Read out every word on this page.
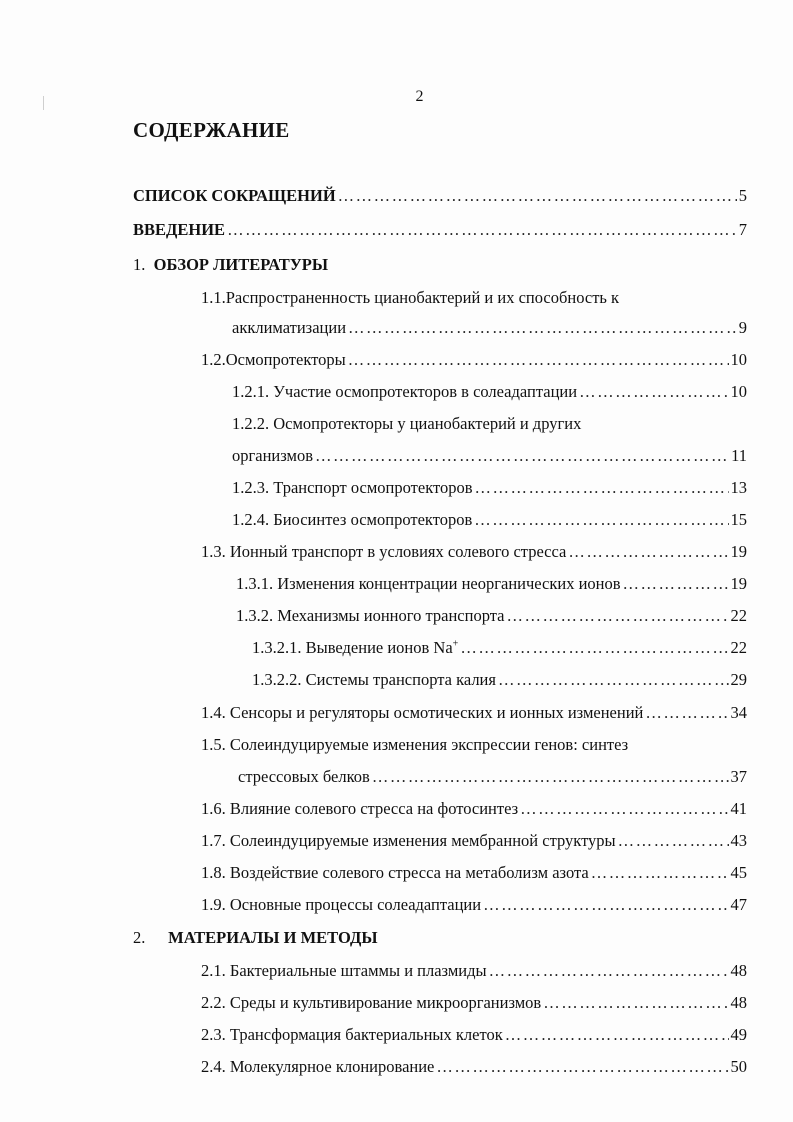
2
СОДЕРЖАНИЕ
СПИСОК СОКРАЩЕНИЙ ……………………………………………………………………………………………………………………………………………………………………	5
ВВЕДЕНИЕ ……………………………………………………………………………………………………………………………………………………………………	7
1. ОБЗОР ЛИТЕРАТУРЫ
1.1.Распространенность цианобактерий и их способность к
акклиматизации ……………………………………………………………………………………………………………………………………………………………………	9
1.2.Осмопротекторы ……………………………………………………………………………………………………………………………………………………………………	10
1.2.1. Участие осмопротекторов в солеадаптации ……………………………………………………………………………………………………………………………………………………………………	10
1.2.2. Осмопротекторы у цианобактерий и других
организмов ……………………………………………………………………………………………………………………………………………………………………	11
1.2.3. Транспорт осмопротекторов ……………………………………………………………………………………………………………………………………………………………………	13
1.2.4. Биосинтез осмопротекторов ……………………………………………………………………………………………………………………………………………………………………	15
1.3. Ионный транспорт в условиях солевого стресса ……………………………………………………………………………………………………………………………………………………………………	19
1.3.1. Изменения концентрации неорганических ионов ……………………………………………………………………………………………………………………………………………………………………	19
1.3.2. Механизмы ионного транспорта ……………………………………………………………………………………………………………………………………………………………………	22
1.3.2.1. Выведение ионов Na+ ……………………………………………………………………………………………………………………………………………………………………	22
1.3.2.2. Системы транспорта калия ……………………………………………………………………………………………………………………………………………………………………	29
1.4. Сенсоры и регуляторы осмотических и ионных изменений ……………………………………………………………………………………………………………………………………………………………………	34
1.5. Солеиндуцируемые изменения экспрессии генов: синтез
стрессовых белков ……………………………………………………………………………………………………………………………………………………………………	37
1.6. Влияние солевого стресса на фотосинтез ……………………………………………………………………………………………………………………………………………………………………	41
1.7. Солеиндуцируемые изменения мембранной структуры ……………………………………………………………………………………………………………………………………………………………………	43
1.8. Воздействие солевого стресса на метаболизм азота ……………………………………………………………………………………………………………………………………………………………………	45
1.9. Основные процессы солеадаптации ……………………………………………………………………………………………………………………………………………………………………	47
2. МАТЕРИАЛЫ И МЕТОДЫ
2.1. Бактериальные штаммы и плазмиды ……………………………………………………………………………………………………………………………………………………………………	48
2.2. Среды и культивирование микроорганизмов ……………………………………………………………………………………………………………………………………………………………………	48
2.3. Трансформация бактериальных клеток ……………………………………………………………………………………………………………………………………………………………………	49
2.4. Молекулярное клонирование ……………………………………………………………………………………………………………………………………………………………………	50
